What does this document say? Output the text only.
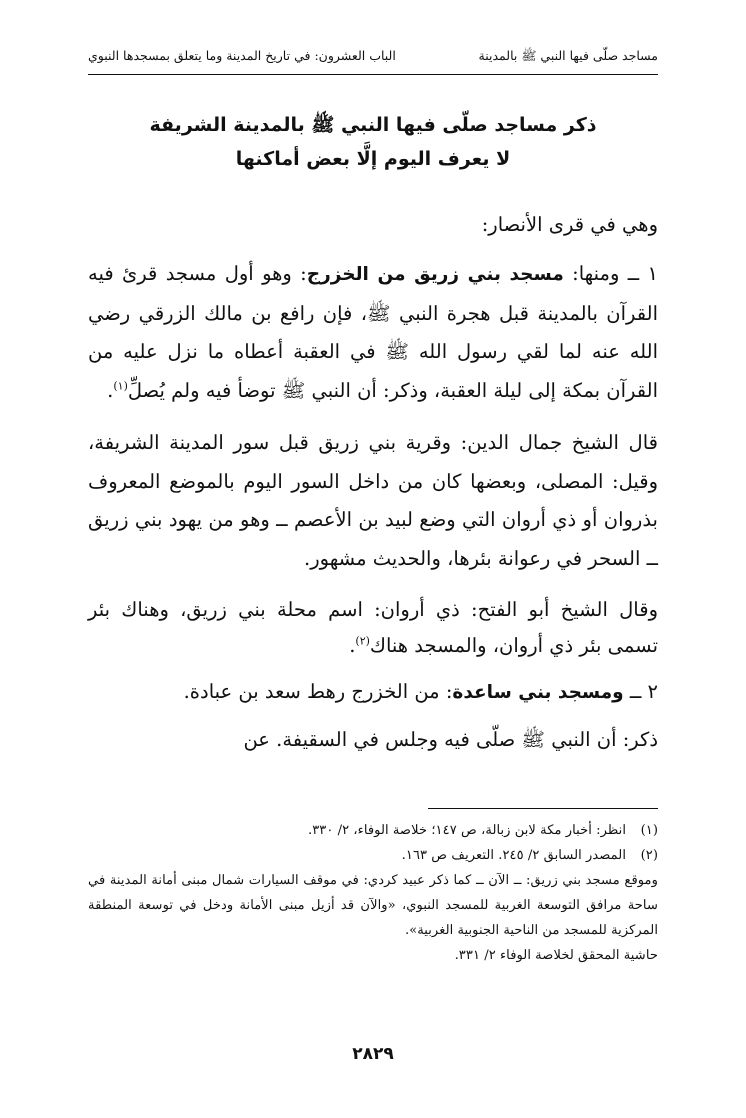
مساجد صلّى فيها النبي ﷺ بالمدينة
الباب العشرون: في تاريخ المدينة وما يتعلق بمسجدها النبوي
ذكر مساجد صلّى فيها النبي ﷺ بالمدينة الشريفة
لا يعرف اليوم إلَّا بعض أماكنها

وهي في قرى الأنصار:

١ ــ ومنها: مسجد بني زريق من الخزرج: وهو أول مسجد قرئ فيه القرآن بالمدينة قبل هجرة النبي ﷺ، فإن رافع بن مالك الزرقي رضي الله عنه لما لقي رسول الله ﷺ في العقبة أعطاه ما نزل عليه من القرآن بمكة إلى ليلة العقبة، وذكر: أن النبي ﷺ توضأ فيه ولم يُصلِّ$^{(١)}$.

قال الشيخ جمال الدين: وقرية بني زريق قبل سور المدينة الشريفة، وقيل: المصلى، وبعضها كان من داخل السور اليوم بالموضع المعروف بذروان أو ذي أروان التي وضع لبيد بن الأعصم ــ وهو من يهود بني زريق ــ السحر في رعوانة بئرها، والحديث مشهور.

وقال الشيخ أبو الفتح: ذي أروان: اسم محلة بني زريق، وهناك بئر تسمى بئر ذي أروان، والمسجد هناك$^{(٢)}$.

٢ ــ ومسجد بني ساعدة: من الخزرج رهط سعد بن عبادة.

ذكر: أن النبي ﷺ صلّى فيه وجلس في السقيفة. عن

(١)
انظر: أخبار مكة لابن زبالة، ص ١٤٧؛ خلاصة الوفاء، ٢/ ٣٣٠.
(٢)
المصدر السابق ٢/ ٢٤٥. التعريف ص ١٦٣.

وموقع مسجد بني زريق: ــ الآن ــ كما ذكر عبيد كردي: في موقف السيارات شمال مبنى أمانة المدينة في ساحة مرافق التوسعة الغربية للمسجد النبوي، «والآن قد أزيل مبنى الأمانة ودخل في توسعة المنطقة المركزية للمسجد من الناحية الجنوبية الغربية».

حاشية المحقق لخلاصة الوفاء ٢/ ٣٣١.

٢٨٢٩
